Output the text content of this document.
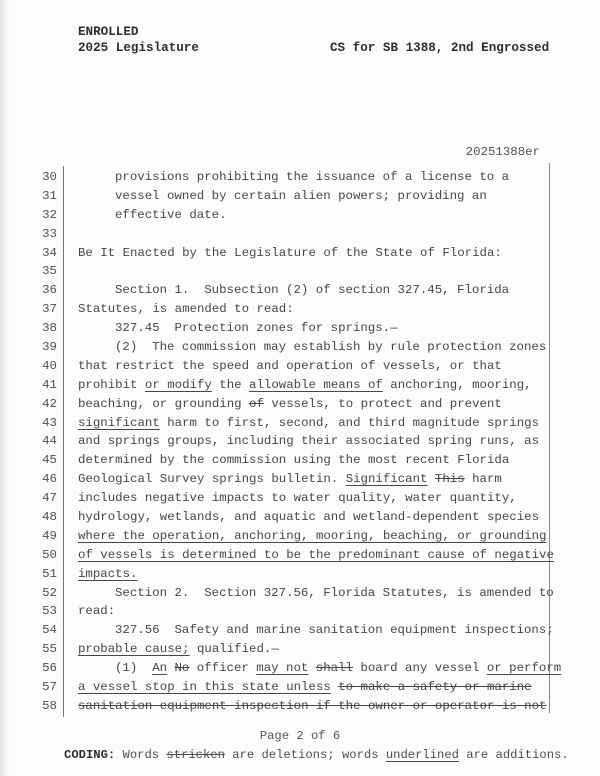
ENROLLED
2025 Legislature	CS for SB 1388, 2nd Engrossed
20251388er
30	provisions prohibiting the issuance of a license to a
31	vessel owned by certain alien powers; providing an
32	effective date.
33
34 Be It Enacted by the Legislature of the State of Florida:
35
36	Section 1.  Subsection (2) of section 327.45, Florida
37 Statutes, is amended to read:
38	327.45  Protection zones for springs.—
39	(2)  The commission may establish by rule protection zones
40 that restrict the speed and operation of vessels, or that
41 prohibit or modify the allowable means of anchoring, mooring,
42 beaching, or grounding of vessels, to protect and prevent
43 significant harm to first, second, and third magnitude springs
44 and springs groups, including their associated spring runs, as
45 determined by the commission using the most recent Florida
46 Geological Survey springs bulletin. Significant This harm
47 includes negative impacts to water quality, water quantity,
48 hydrology, wetlands, and aquatic and wetland-dependent species
49 where the operation, anchoring, mooring, beaching, or grounding
50 of vessels is determined to be the predominant cause of negative
51 impacts.
52	Section 2.  Section 327.56, Florida Statutes, is amended to
53 read:
54	327.56  Safety and marine sanitation equipment inspections;
55 probable cause; qualified.—
56	(1)  An No officer may not shall board any vessel or perform
57 a vessel stop in this state unless to make a safety or marine
58 sanitation equipment inspection if the owner or operator is not
Page 2 of 6
CODING: Words stricken are deletions; words underlined are additions.
